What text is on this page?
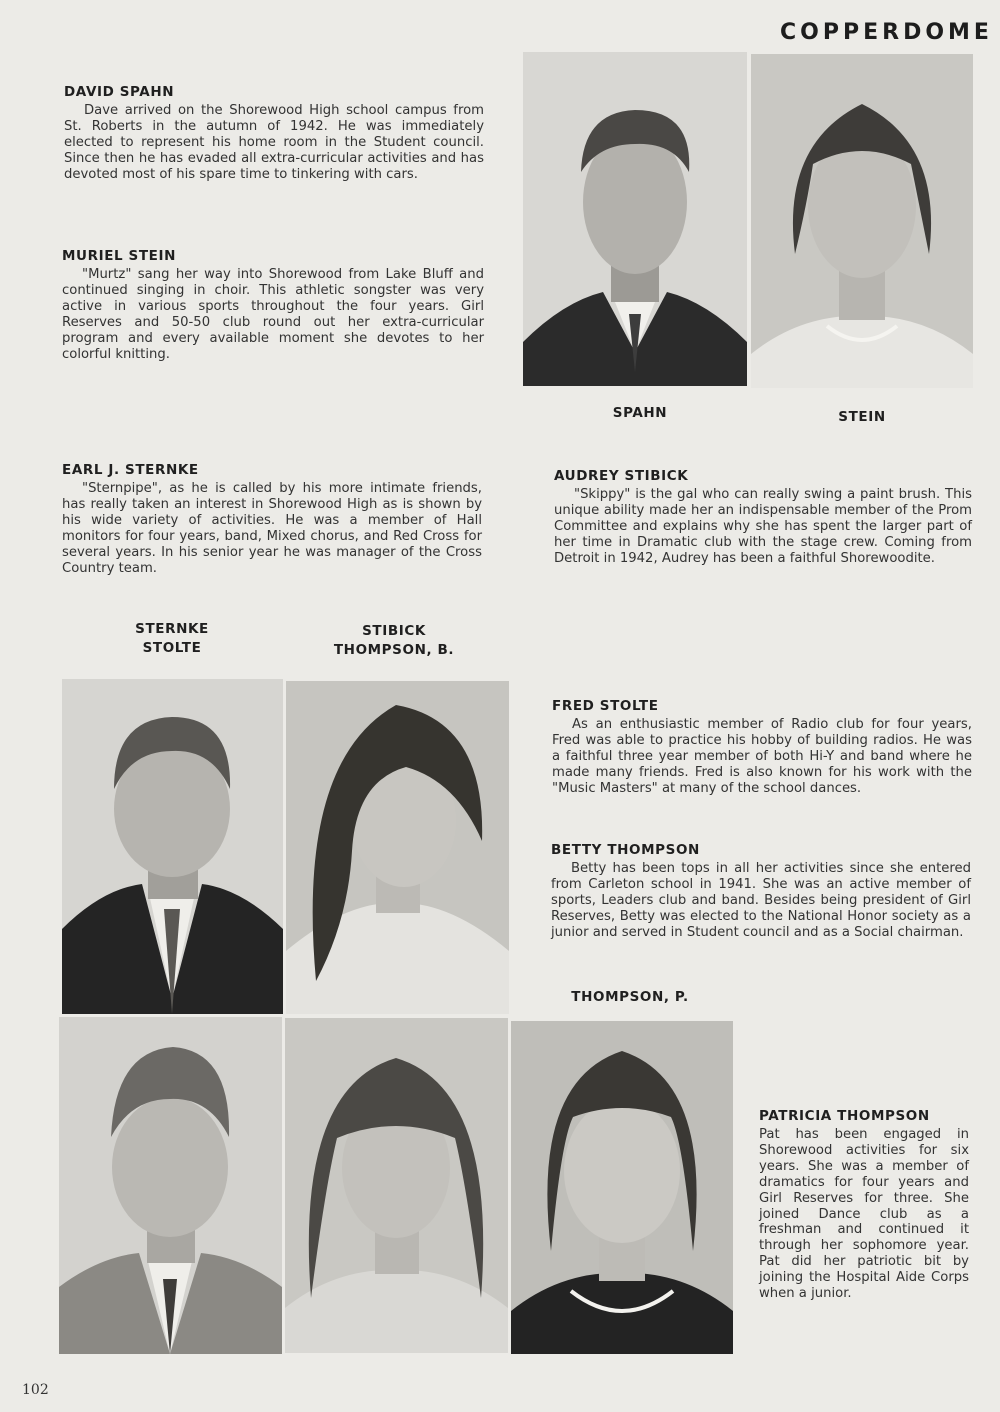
COPPERDOME
DAVID SPAHN

Dave arrived on the Shorewood High school campus from St. Roberts in the autumn of 1942. He was immediately elected to represent his home room in the Student council. Since then he has evaded all extra-curricular activities and has devoted most of his spare time to tinkering with cars.

MURIEL STEIN

"Murtz" sang her way into Shorewood from Lake Bluff and continued singing in choir. This athletic songster was very active in various sports throughout the four years. Girl Reserves and 50-50 club round out her extra-curricular program and every available moment she devotes to her colorful knitting.

EARL J. STERNKE

"Sternpipe", as he is called by his more intimate friends, has really taken an interest in Shorewood High as is shown by his wide variety of activities. He was a member of Hall monitors for four years, band, Mixed chorus, and Red Cross for several years. In his senior year he was manager of the Cross Country team.

AUDREY STIBICK

"Skippy" is the gal who can really swing a paint brush. This unique ability made her an indispensable member of the Prom Committee and explains why she has spent the larger part of her time in Dramatic club with the stage crew. Coming from Detroit in 1942, Audrey has been a faithful Shorewoodite.

FRED STOLTE

As an enthusiastic member of Radio club for four years, Fred was able to practice his hobby of building radios. He was a faithful three year member of both Hi-Y and band where he made many friends. Fred is also known for his work with the "Music Masters" at many of the school dances.

BETTY THOMPSON

Betty has been tops in all her activities since she entered from Carleton school in 1941. She was an active member of sports, Leaders club and band. Besides being president of Girl Reserves, Betty was elected to the National Honor society as a junior and served in Student council and as a Social chairman.

PATRICIA THOMPSON

Pat has been engaged in Shorewood activities for six years. She was a member of dramatics for four years and Girl Reserves for three. She joined Dance club as a freshman and continued it through her sophomore year. Pat did her patriotic bit by joining the Hospital Aide Corps when a junior.

SPAHN	STEIN
STERNKE
STOLTE
STIBICK
THOMPSON, B.
THOMPSON, P.
102
